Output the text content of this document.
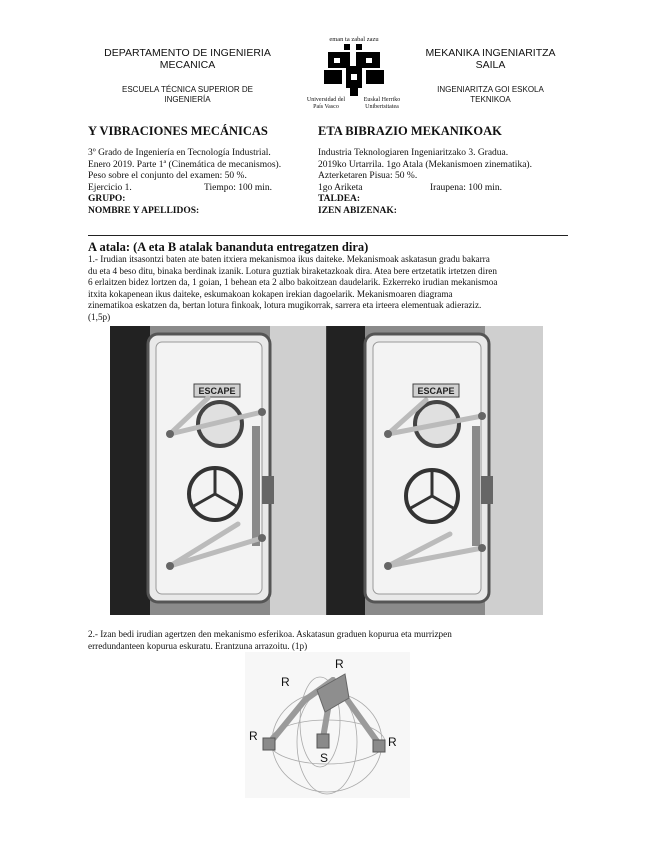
DEPARTAMENTO DE INGENIERIA
MECANICA
ESCUELA TÉCNICA SUPERIOR DE
INGENIERÍA
MEKANIKA INGENIARITZA
SAILA
INGENIARITZA GOI ESKOLA
TEKNIKOA
eman ta zabal zazu
Universidad del
País Vasco
Euskal Herriko
Unibertsitatea
Y VIBRACIONES MECÁNICAS	ETA BIBRAZIO MEKANIKOAK
3º Grado de Ingeniería en Tecnología Industrial.
Enero 2019. Parte 1ª (Cinemática de mecanismos).
Peso sobre el conjunto del examen: 50 %.
Ejercicio 1.	Tiempo: 100 min.
GRUPO:
NOMBRE Y APELLIDOS:
Industria Teknologiaren Ingeniaritzako 3. Gradua.
2019ko Urtarrila. 1go Atala (Mekanismoen zinematika).
Azterketaren Pisua: 50 %.
1go Ariketa	Iraupena: 100 min.
TALDEA:
IZEN ABIZENAK:
A atala: (A eta B atalak bananduta entregatzen dira)
1.- Irudian itsasontzi baten ate baten itxiera mekanismoa ikus daiteke. Mekanismoak askatasun gradu bakarra
du eta 4 beso ditu, binaka berdinak izanik. Lotura guztiak biraketazkoak dira. Atea bere ertzetatik irtetzen diren
6 erlaitzen bidez lortzen da, 1 goian, 1 behean eta 2 albo bakoitzean daudelarik. Ezkerreko irudian mekanismoa
itxita kokapenean ikus daiteke, eskumakoan kokapen irekian dagoelarik. Mekanismoaren diagrama
zinematikoa eskatzen da, bertan lotura finkoak, lotura mugikorrak, sarrera eta irteera elementuak adieraziz.
(1,5p)
ESCAPE	ESCAPE
2.- Izan bedi irudian agertzen den mekanismo esferikoa. Askatasun graduen kopurua eta murrizpen
erredundanteen kopurua eskuratu. Erantzuna arrazoitu. (1p)
R
R
R	R
S
